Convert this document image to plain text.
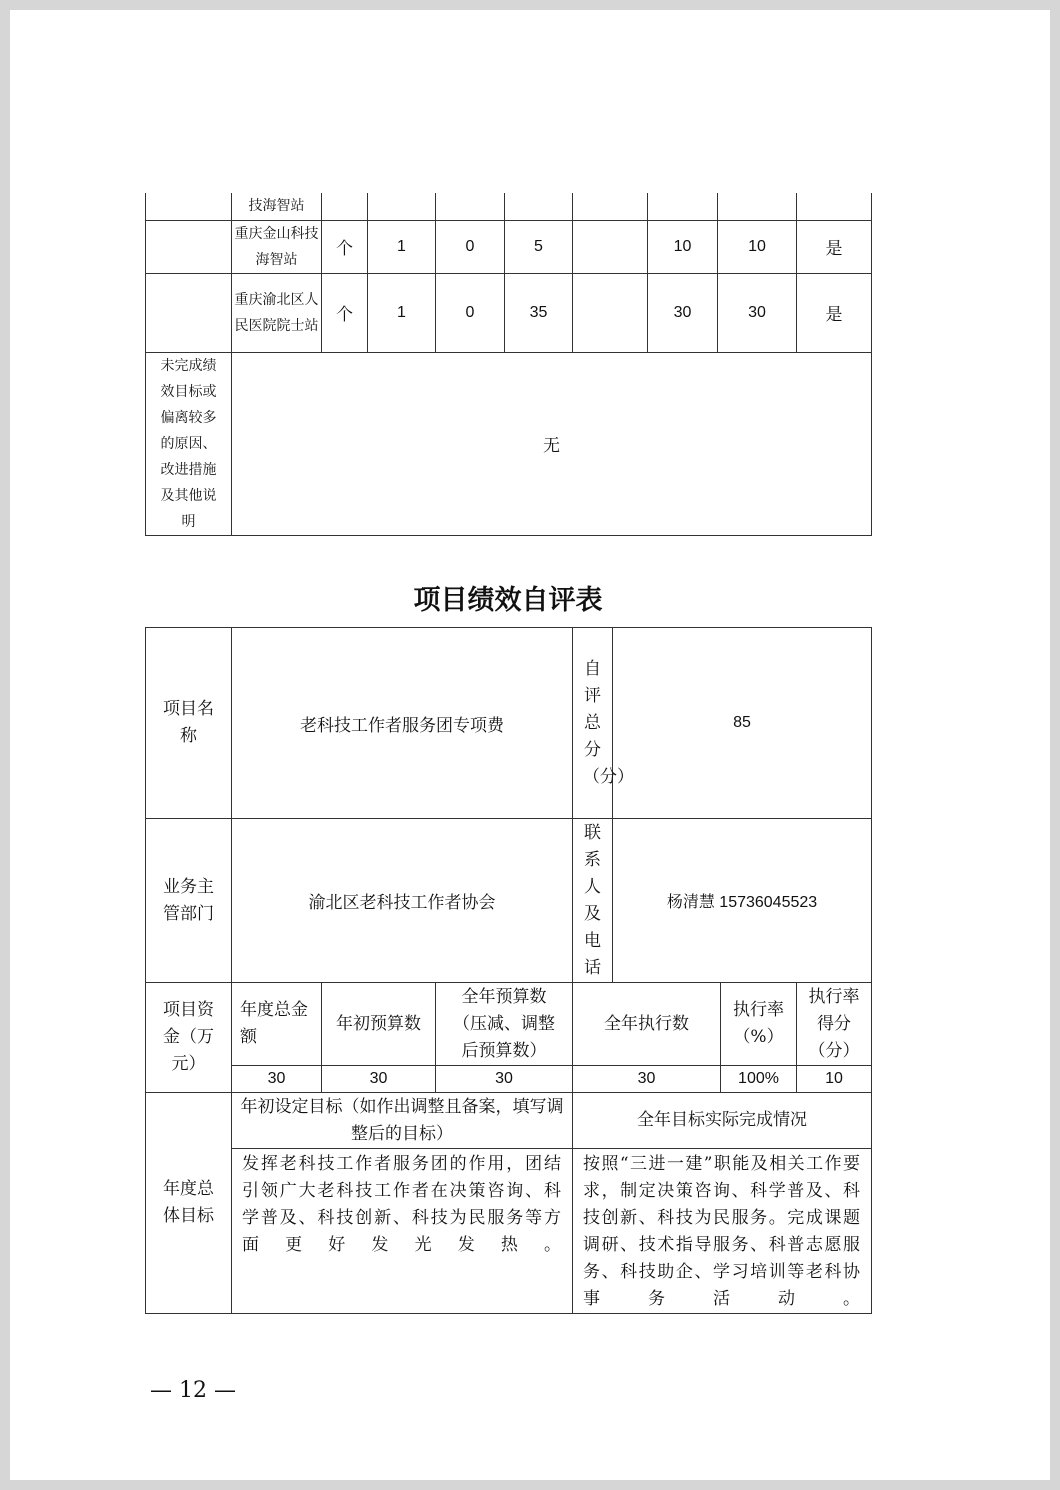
	技海智站								
	重庆金山科技海智站	个	1	0	5		10	10	是
	重庆渝北区人民医院院士站	个	1	0	35		30	30	是
未完成绩效目标或偏离较多的原因、改进措施及其他说明	无								
项目绩效自评表
项目名称	老科技工作者服务团专项费			自评总分（分）	85		
业务主管部门	渝北区老科技工作者协会			联系人及电话	杨清慧 15736045523		
项目资金（万元）	年度总金额	年初预算数	全年预算数（压减、调整后预算数）	全年执行数		执行率（%）	执行率得分（分）
	30	30	30	30		100%	10
年度总体目标	年初设定目标（如作出调整且备案，填写调整后的目标）			全年目标实际完成情况			
	发挥老科技工作者服务团的作用，团结引领广大老科技工作者在决策咨询、科学普及、科技创新、科技为民服务等方面更好发光发热。			按照“三进一建”职能及相关工作要求，制定决策咨询、科学普及、科技创新、科技为民服务。完成课题调研、技术指导服务、科普志愿服务、科技助企、学习培训等老科协事务活动。			
— 12 —
